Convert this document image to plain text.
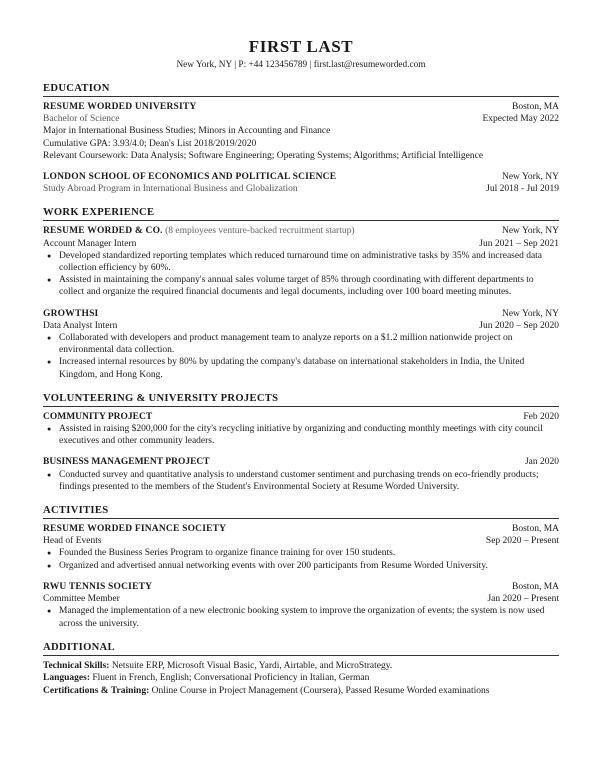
FIRST LAST
New York, NY | P: +44 123456789 | first.last@resumeworded.com
EDUCATION
RESUME WORDED UNIVERSITY	Boston, MA
Bachelor of Science	Expected May 2022
Major in International Business Studies; Minors in Accounting and Finance
Cumulative GPA: 3.93/4.0; Dean's List 2018/2019/2020
Relevant Coursework: Data Analysis; Software Engineering; Operating Systems; Algorithms; Artificial Intelligence
LONDON SCHOOL OF ECONOMICS AND POLITICAL SCIENCE	New York, NY
Study Abroad Program in International Business and Globalization	Jul 2018 - Jul 2019
WORK EXPERIENCE
RESUME WORDED & CO. (8 employees venture-backed recruitment startup)	New York, NY
Account Manager Intern	Jun 2021 – Sep 2021
● Developed standardized reporting templates which reduced turnaround time on administrative tasks by 35% and increased data collection efficiency by 60%.
● Assisted in maintaining the company's annual sales volume target of 85% through coordinating with different departments to collect and organize the required financial documents and legal documents, including over 100 board meeting minutes.
GROWTHSI	New York, NY
Data Analyst Intern	Jun 2020 – Sep 2020
● Collaborated with developers and product management team to analyze reports on a $1.2 million nationwide project on environmental data collection.
● Increased internal resources by 80% by updating the company's database on international stakeholders in India, the United Kingdom, and Hong Kong.
VOLUNTEERING & UNIVERSITY PROJECTS
COMMUNITY PROJECT	Feb 2020
● Assisted in raising $200,000 for the city's recycling initiative by organizing and conducting monthly meetings with city council executives and other community leaders.
BUSINESS MANAGEMENT PROJECT	Jan 2020
● Conducted survey and quantitative analysis to understand customer sentiment and purchasing trends on eco-friendly products; findings presented to the members of the Student's Environmental Society at Resume Worded University.
ACTIVITIES
RESUME WORDED FINANCE SOCIETY	Boston, MA
Head of Events	Sep 2020 – Present
● Founded the Business Series Program to organize finance training for over 150 students.
● Organized and advertised annual networking events with over 200 participants from Resume Worded University.
RWU TENNIS SOCIETY	Boston, MA
Committee Member	Jan 2020 – Present
● Managed the implementation of a new electronic booking system to improve the organization of events; the system is now used across the university.
ADDITIONAL
Technical Skills: Netsuite ERP, Microsoft Visual Basic, Yardi, Airtable, and MicroStrategy.
Languages: Fluent in French, English; Conversational Proficiency in Italian, German
Certifications & Training: Online Course in Project Management (Coursera), Passed Resume Worded examinations
